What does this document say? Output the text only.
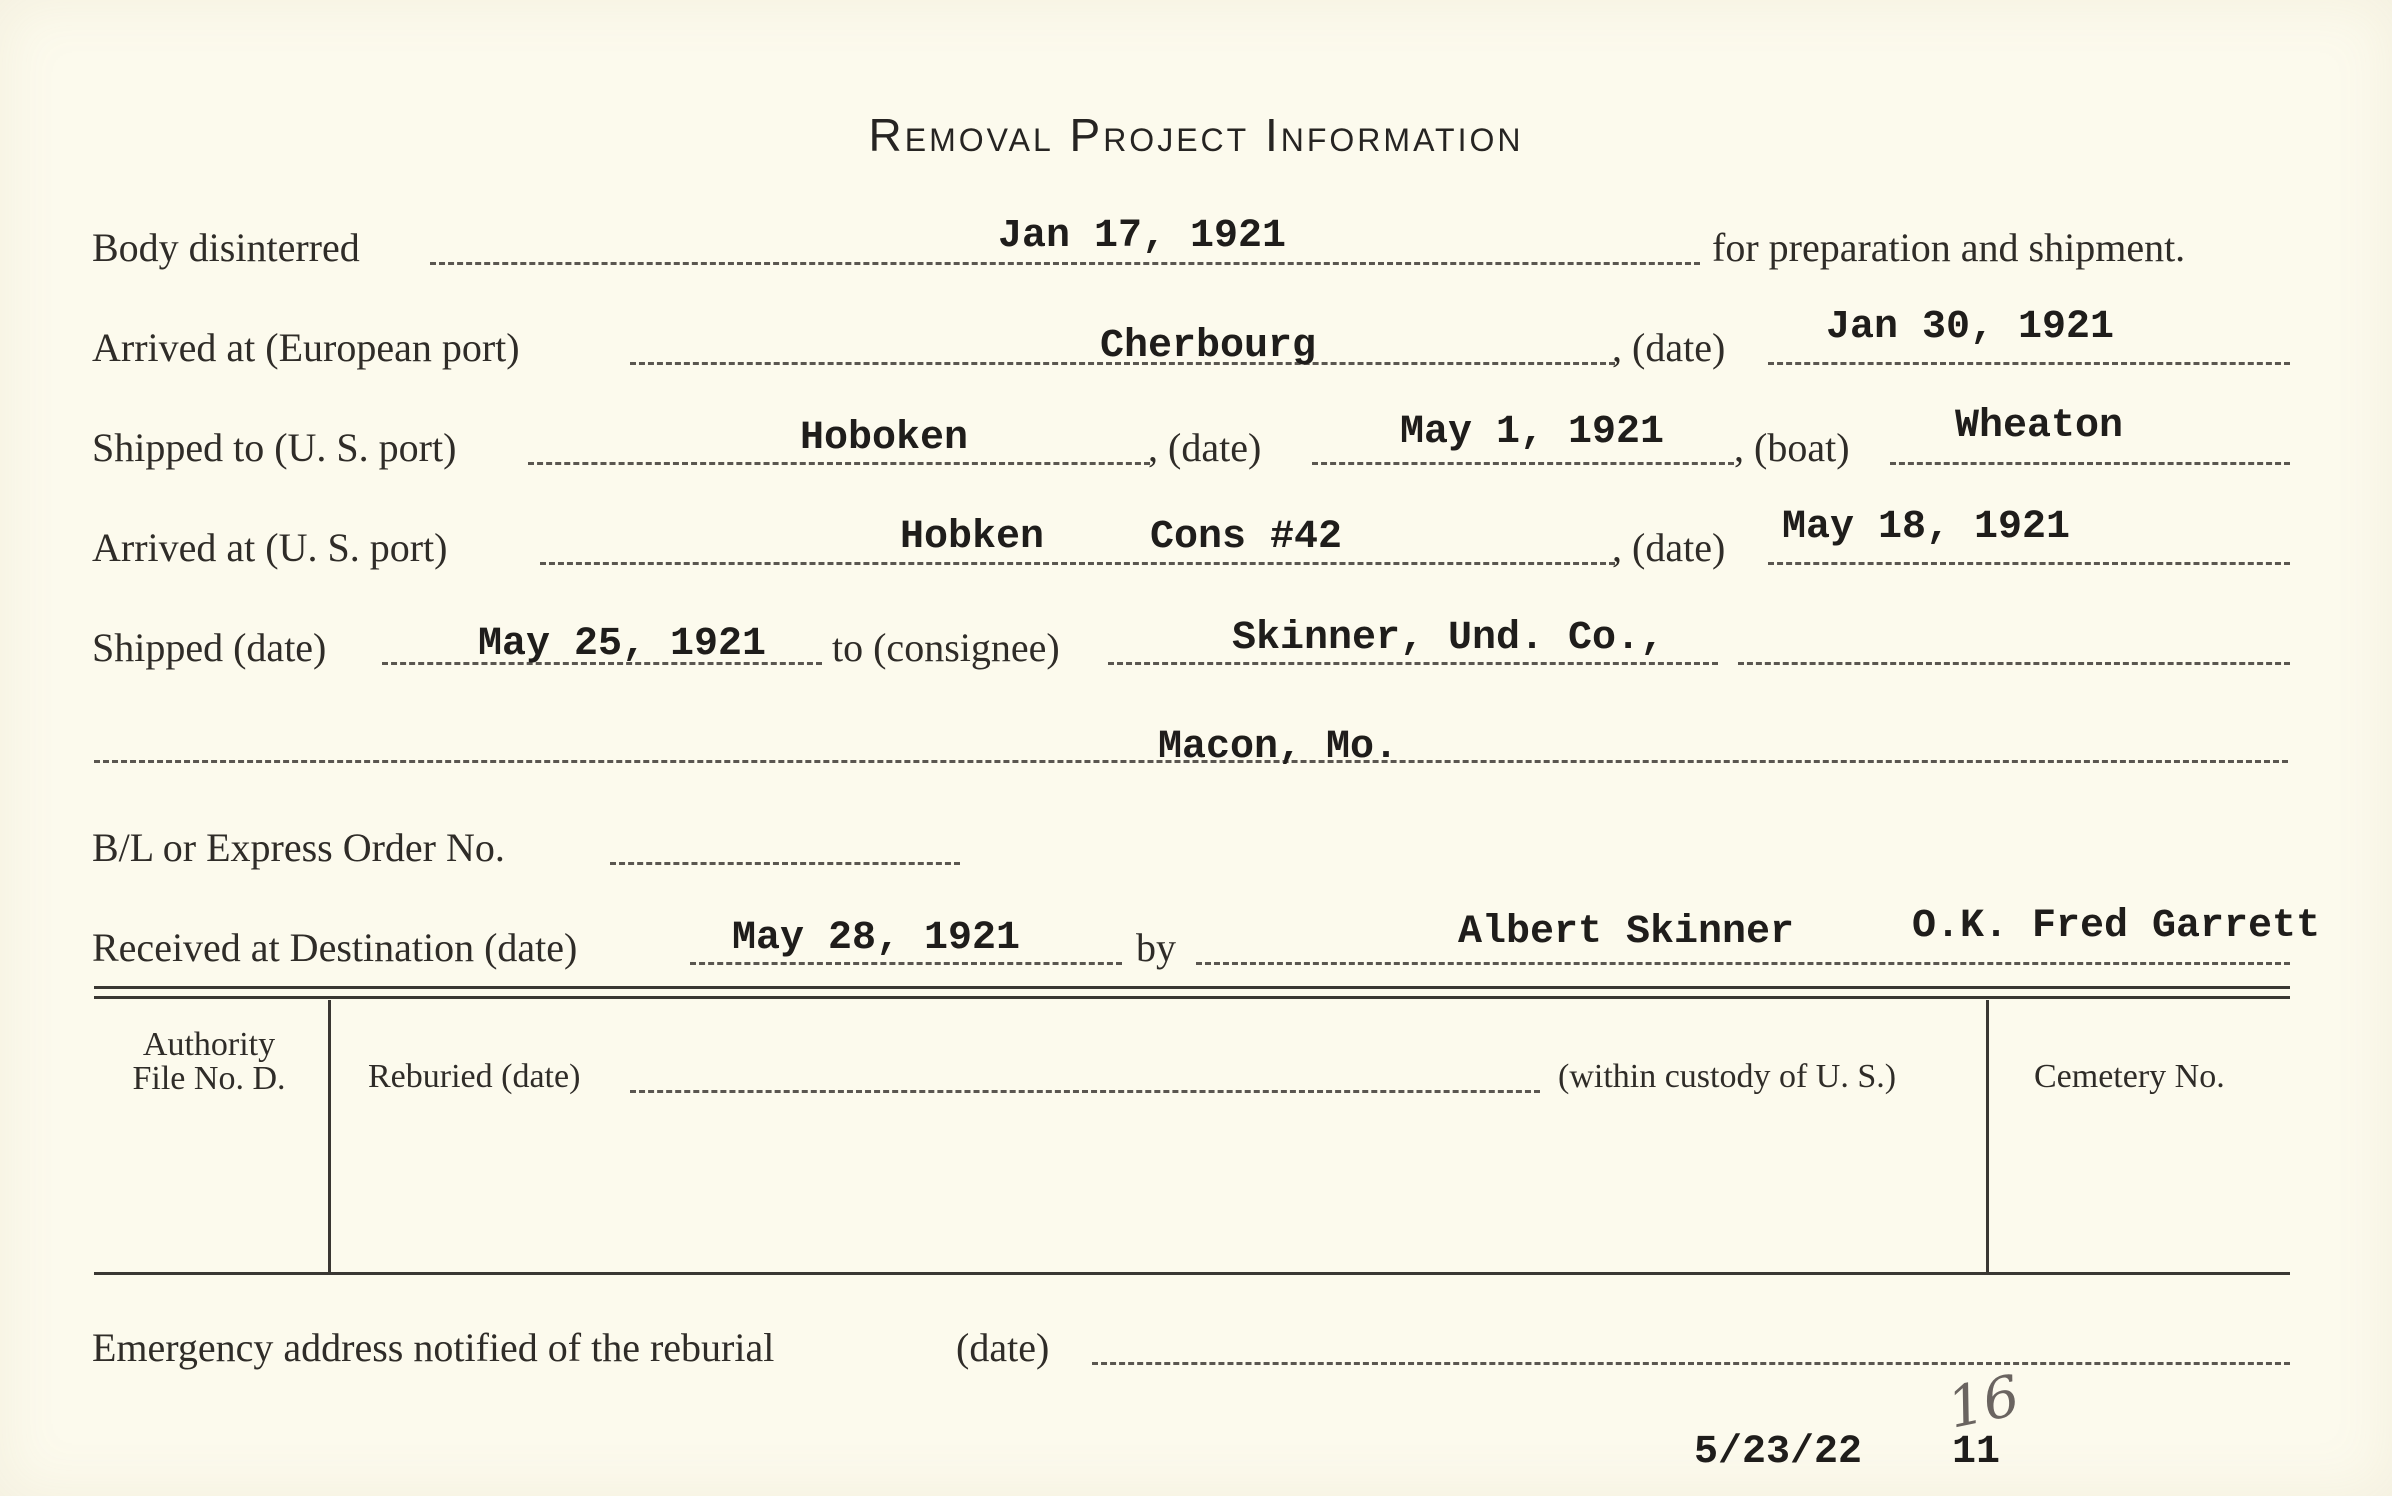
Removal Project Information
Body disinterred	Jan 17, 1921	for preparation and shipment.
Arrived at (European port)	Cherbourg	, (date)	Jan 30, 1921
Shipped to (U. S. port)	Hoboken	, (date)	May 1, 1921 , (boat)	Wheaton
Arrived at (U. S. port)	Hobken	Cons #42	, (date) May 18, 1921
Shipped (date)	May 25, 1921 to (consignee)	Skinner, Und. Co.,
Macon, Mo.
B/L or Express Order No.
Received at Destination (date)	May 28, 1921	by	Albert Skinner	O.K. Fred Garrett
Authority
File No. D.	Reburied (date)	(within custody of U. S.)	Cemetery No.
Emergency address notified of the reburial	(date)
5/23/22 11
16
